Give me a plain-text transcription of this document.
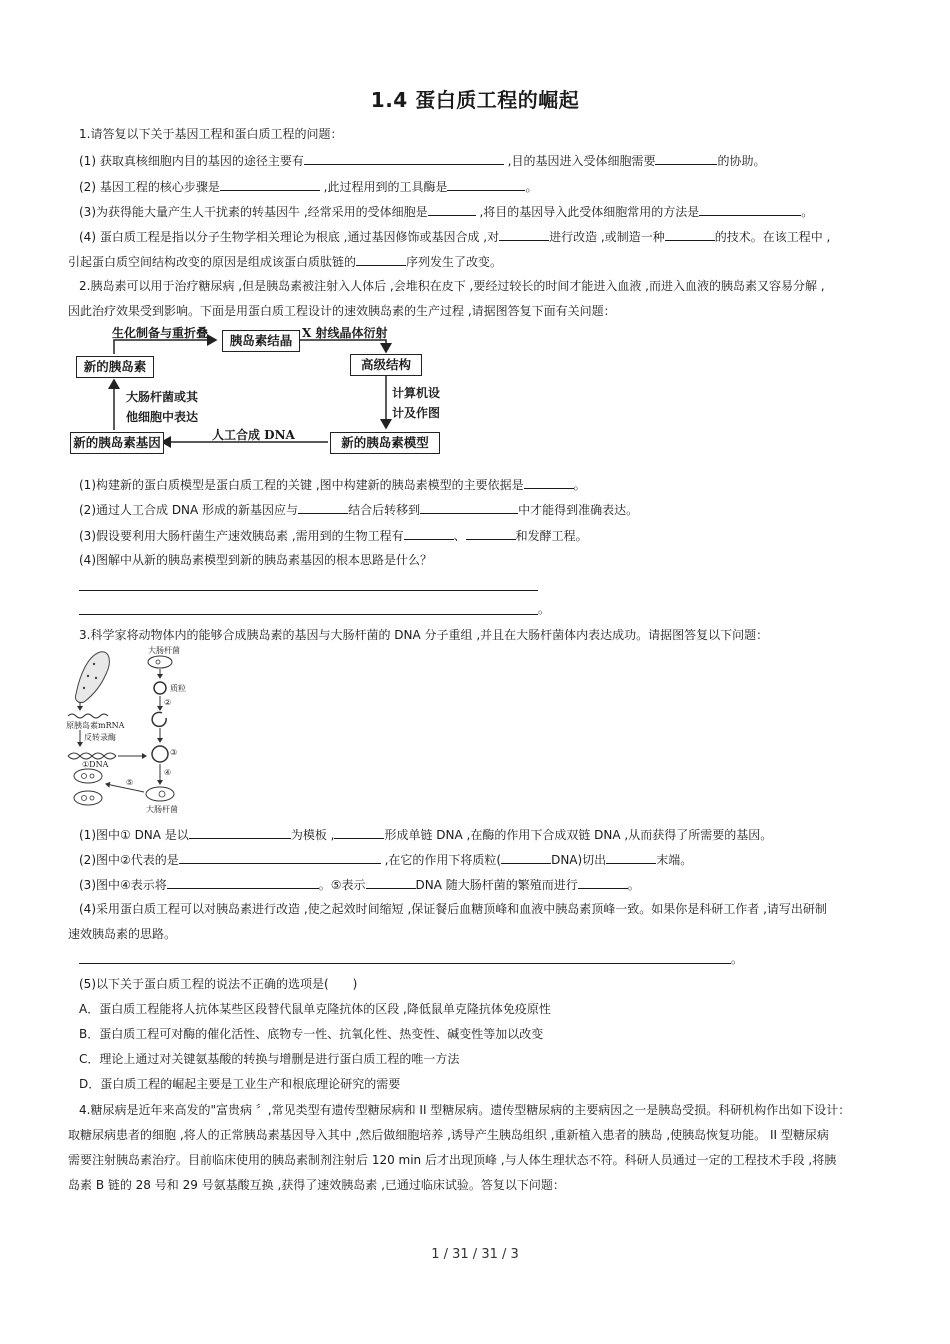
1.4 蛋白质工程的崛起
1.请答复以下关于基因工程和蛋白质工程的问题：
(1) 获取真核细胞内目的基因的途径主要有	,目的基因进入受体细胞需要	的协助。
(2) 基因工程的核心步骤是	,此过程用到的工具酶是	。
(3)为获得能大量产生人干扰素的转基因牛 ,经常采用的受体细胞是	,将目的基因导入此受体细胞常用的方法是	。
(4) 蛋白质工程是指以分子生物学相关理论为根底 ,通过基因修饰或基因合成 ,对	进行改造 ,或制造一种	的技术。在该工程中 ,
引起蛋白质空间结构改变的原因是组成该蛋白质肽链的	序列发生了改变。
2.胰岛素可以用于治疗糖尿病 ,但是胰岛素被注射入人体后 ,会堆积在皮下 ,要经过较长的时间才能进入血液 ,而进入血液的胰岛素又容易分解 ,
因此治疗效果受到影响。下面是用蛋白质工程设计的速效胰岛素的生产过程 ,请据图答复下面有关问题：
新的胰岛素
胰岛素结晶
高级结构
新的胰岛素模型
新的胰岛素基因
生化制备与重折叠	X 射线晶体衍射
计算机设
计及作图
人工合成 DNA
大肠杆菌或其
他细胞中表达
(1)构建新的蛋白质模型是蛋白质工程的关键 ,图中构建新的胰岛素模型的主要依据是	。
(2)通过人工合成 DNA 形成的新基因应与	结合后转移到	中才能得到准确表达。
(3)假设要利用大肠杆菌生产速效胰岛素 ,需用到的生物工程有	、	和发酵工程。
(4)图解中从新的胰岛素模型到新的胰岛素基因的根本思路是什么？
。
3.科学家将动物体内的能够合成胰岛素的基因与大肠杆菌的 DNA 分子重组 ,并且在大肠杆菌体内表达成功。请据图答复以下问题：
大肠杆菌
质粒
原胰岛素mRNA
反转录酶
①DNA
大肠杆菌
②
③
④
⑤
(1)图中① DNA 是以	为模板 ,	形成单链 DNA ,在酶的作用下合成双链 DNA ,从而获得了所需要的基因。
(2)图中②代表的是	,在它的作用下将质粒(	DNA)切出	末端。
(3)图中④表示将	。⑤表示	DNA 随大肠杆菌的繁殖而进行	。
(4)采用蛋白质工程可以对胰岛素进行改造 ,使之起效时间缩短 ,保证餐后血糖顶峰和血液中胰岛素顶峰一致。如果你是科研工作者 ,请写出研制
速效胰岛素的思路。
。
(5)以下关于蛋白质工程的说法不正确的选项是(　　)
A．蛋白质工程能将人抗体某些区段替代鼠单克隆抗体的区段 ,降低鼠单克隆抗体免疫原性
B．蛋白质工程可对酶的催化活性、底物专一性、抗氧化性、热变性、碱变性等加以改变
C．理论上通过对关键氨基酸的转换与增删是进行蛋白质工程的唯一方法
D．蛋白质工程的崛起主要是工业生产和根底理论研究的需要
4.糖尿病是近年来高发的"富贵病 〞,常见类型有遗传型糖尿病和 II 型糖尿病。遗传型糖尿病的主要病因之一是胰岛受损。科研机构作出如下设计：
取糖尿病患者的细胞 ,将人的正常胰岛素基因导入其中 ,然后做细胞培养 ,诱导产生胰岛组织 ,重新植入患者的胰岛 ,使胰岛恢复功能。 II 型糖尿病
需要注射胰岛素治疗。目前临床使用的胰岛素制剂注射后 120 min 后才出现顶峰 ,与人体生理状态不符。科研人员通过一定的工程技术手段 ,将胰
岛素 B 链的 28 号和 29 号氨基酸互换 ,获得了速效胰岛素 ,已通过临床试验。答复以下问题：
1 / 31 / 31 / 3
